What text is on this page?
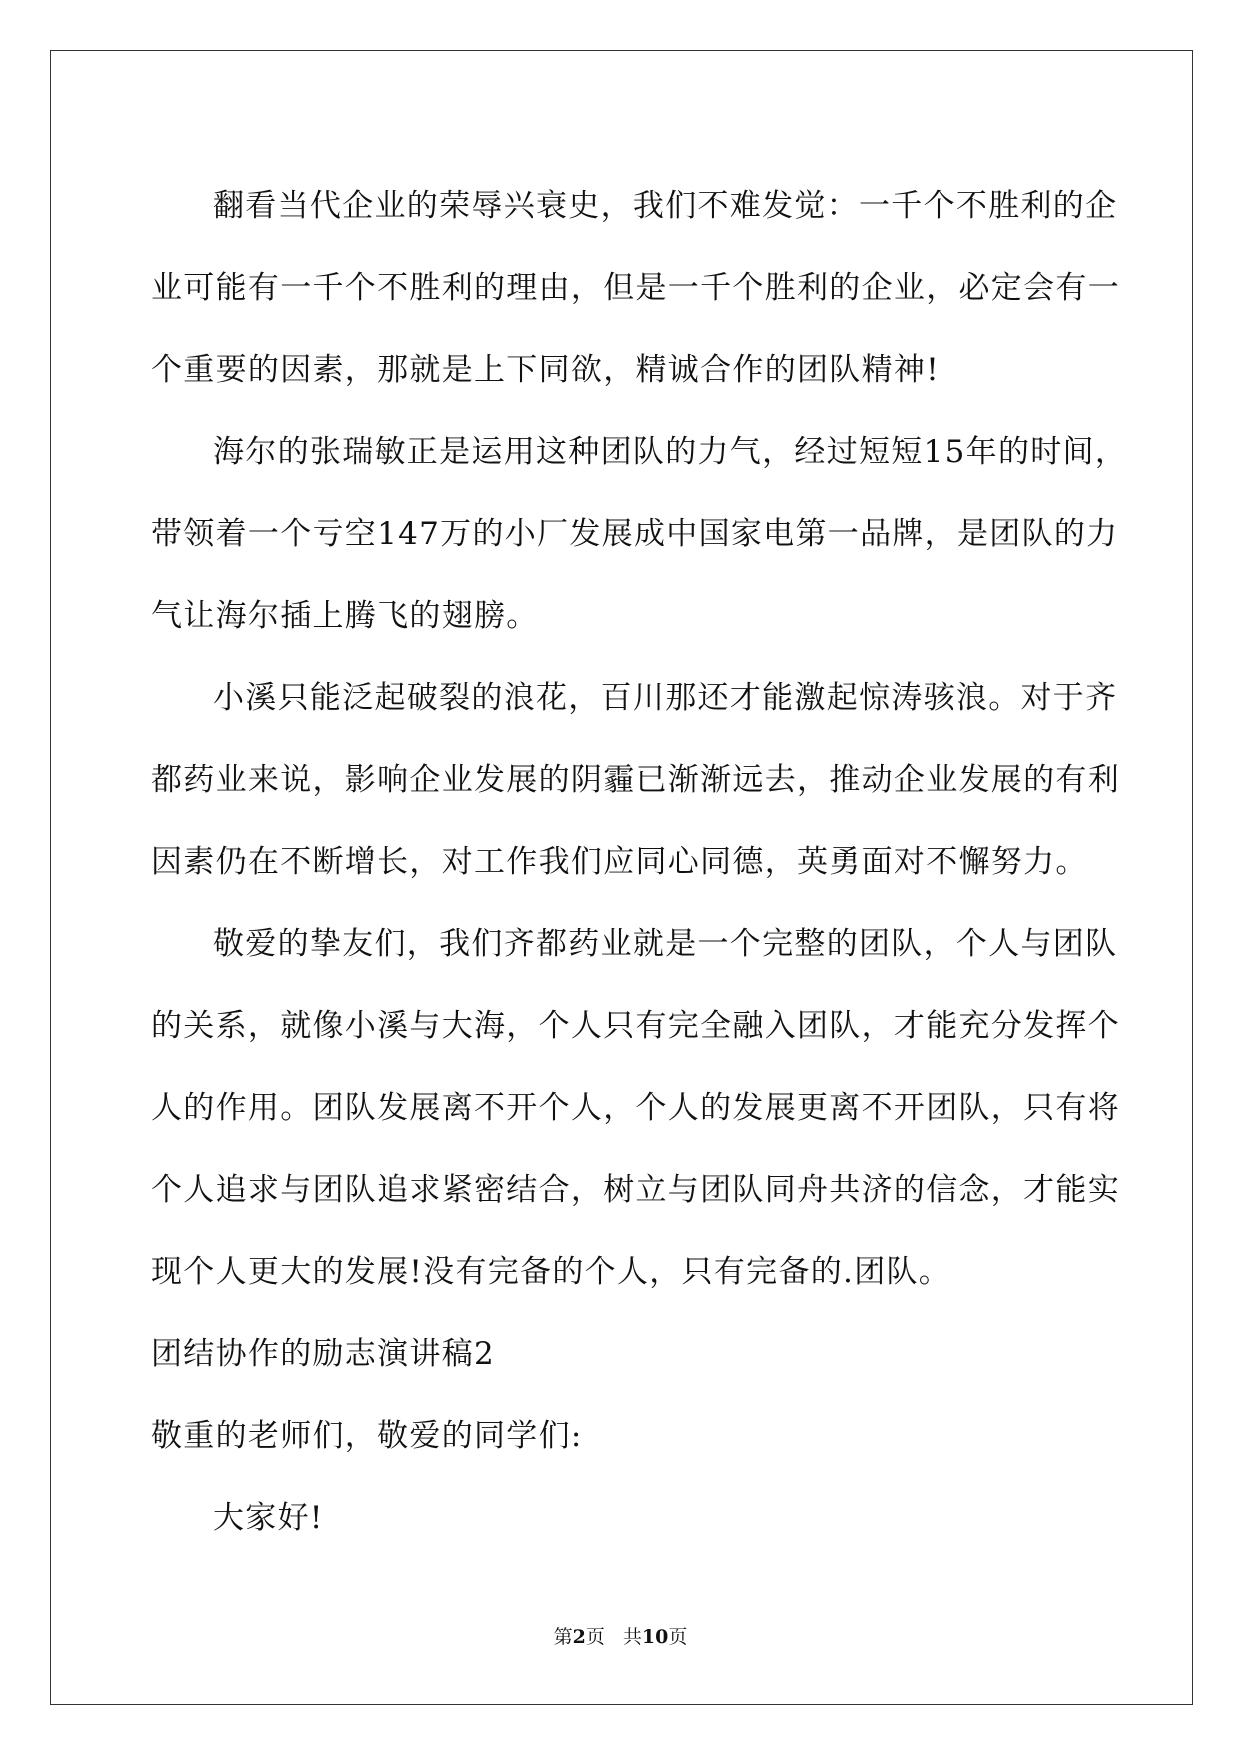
翻看当代企业的荣辱兴衰史，我们不难发觉：一千个不胜利的企
业可能有一千个不胜利的理由，但是一千个胜利的企业，必定会有一
个重要的因素，那就是上下同欲，精诚合作的团队精神!
海尔的张瑞敏正是运用这种团队的力气，经过短短15年的时间，
带领着一个亏空147万的小厂发展成中国家电第一品牌，是团队的力
气让海尔插上腾飞的翅膀。
小溪只能泛起破裂的浪花，百川那还才能激起惊涛骇浪。对于齐
都药业来说，影响企业发展的阴霾已渐渐远去，推动企业发展的有利
因素仍在不断增长，对工作我们应同心同德，英勇面对不懈努力。
敬爱的挚友们，我们齐都药业就是一个完整的团队，个人与团队
的关系，就像小溪与大海，个人只有完全融入团队，才能充分发挥个
人的作用。团队发展离不开个人，个人的发展更离不开团队，只有将
个人追求与团队追求紧密结合，树立与团队同舟共济的信念，才能实
现个人更大的发展!没有完备的个人，只有完备的.团队。
团结协作的励志演讲稿2
敬重的老师们，敬爱的同学们:
大家好!
第2页 共10页
